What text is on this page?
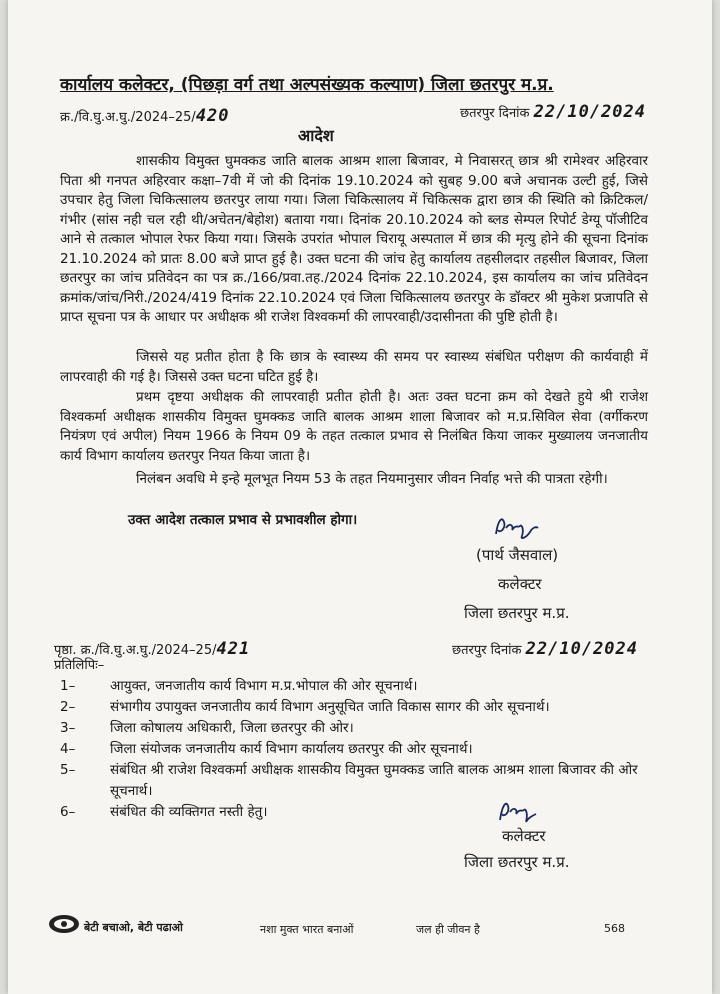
कार्यालय कलेक्टर, (पिछड़ा वर्ग तथा अल्पसंख्यक कल्याण) जिला छतरपुर म.प्र.
क्र./वि.घु.अ.घु./2024–25/420	छतरपुर दिनांक 22/10/2024
आदेश
शासकीय विमुक्त घुमक्कड जाति बालक आश्रम शाला बिजावर, मे निवासरत् छात्र श्री रामेश्वर अहिरवार पिता श्री गनपत अहिरवार कक्षा–7वी में जो की दिनांक 19.10.2024 को सुबह 9.00 बजे अचानक उल्टी हुई, जिसे उपचार हेतु जिला चिकित्सालय छतरपुर लाया गया। जिला चिकित्सालय में चिकित्सक द्वारा छात्र की स्थिति को क्रिटिकल/गंभीर (सांस नही चल रही थी/अचेतन/बेहोश) बताया गया। दिनांक 20.10.2024 को ब्लड सेम्पल रिपोर्ट डेग्यू पॉजीटिव आने से तत्काल भोपाल रेफर किया गया। जिसके उपरांत भोपाल चिरायू अस्पताल में छात्र की मृत्यु होने की सूचना दिनांक 21.10.2024 को प्रातः 8.00 बजे प्राप्त हुई है। उक्त घटना की जांच हेतु कार्यालय तहसीलदार तहसील बिजावर, जिला छतरपुर का जांच प्रतिवेदन का पत्र क्र./166/प्रवा.तह./2024 दिनांक 22.10.2024, इस कार्यालय का जांच प्रतिवेदन क्रमांक/जांच/निरी./2024/419 दिनांक 22.10.2024 एवं जिला चिकित्सालय छतरपुर के डॉक्टर श्री मुकेश प्रजापति से प्राप्त सूचना पत्र के आधार पर अधीक्षक श्री राजेश विश्वकर्मा की लापरवाही/उदासीनता की पुष्टि होती है।
जिससे यह प्रतीत होता है कि छात्र के स्वास्थ्य की समय पर स्वास्थ्य संबंधित परीक्षण की कार्यवाही में लापरवाही की गई है। जिससे उक्त घटना घटित हुई है।
प्रथम दृष्टया अधीक्षक की लापरवाही प्रतीत होती है। अतः उक्त घटना क्रम को देखते हुये श्री राजेश विश्वकर्मा अधीक्षक शासकीय विमुक्त घुमक्कड जाति बालक आश्रम शाला बिजावर को म.प्र.सिविल सेवा (वर्गीकरण नियंत्रण एवं अपील) नियम 1966 के नियम 09 के तहत तत्काल प्रभाव से निलंबित किया जाकर मुख्यालय जनजातीय कार्य विभाग कार्यालय छतरपुर नियत किया जाता है।
निलंबन अवधि मे इन्हे मूलभूत नियम 53 के तहत नियमानुसार जीवन निर्वाह भत्ते की पात्रता रहेगी।
उक्त आदेश तत्काल प्रभाव से प्रभावशील होगा।
(पार्थ जैसवाल)
कलेक्टर
जिला छतरपुर म.प्र.
पृष्ठा. क्र./वि.घु.अ.घु./2024–25/421	छतरपुर दिनांक 22/10/2024
प्रतिलिपिः–
1–	आयुक्त, जनजातीय कार्य विभाग म.प्र.भोपाल की ओर सूचनार्थ।
2–	संभागीय उपायुक्त जनजातीय कार्य विभाग अनुसूचित जाति विकास सागर की ओर सूचनार्थ।
3–	जिला कोषालय अधिकारी, जिला छतरपुर की ओर।
4–	जिला संयोजक जनजातीय कार्य विभाग कार्यालय छतरपुर की ओर सूचनार्थ।
5–	संबंधित श्री राजेश विश्वकर्मा अधीक्षक शासकीय विमुक्त घुमक्कड जाति बालक आश्रम शाला बिजावर की ओर सूचनार्थ।
6–	संबंधित की व्यक्तिगत नस्ती हेतु।
कलेक्टर
जिला छतरपुर म.प्र.
बेटी बचाओ, बेटी पढाओ	नशा मुक्त भारत बनाओं	जल ही जीवन है	568
